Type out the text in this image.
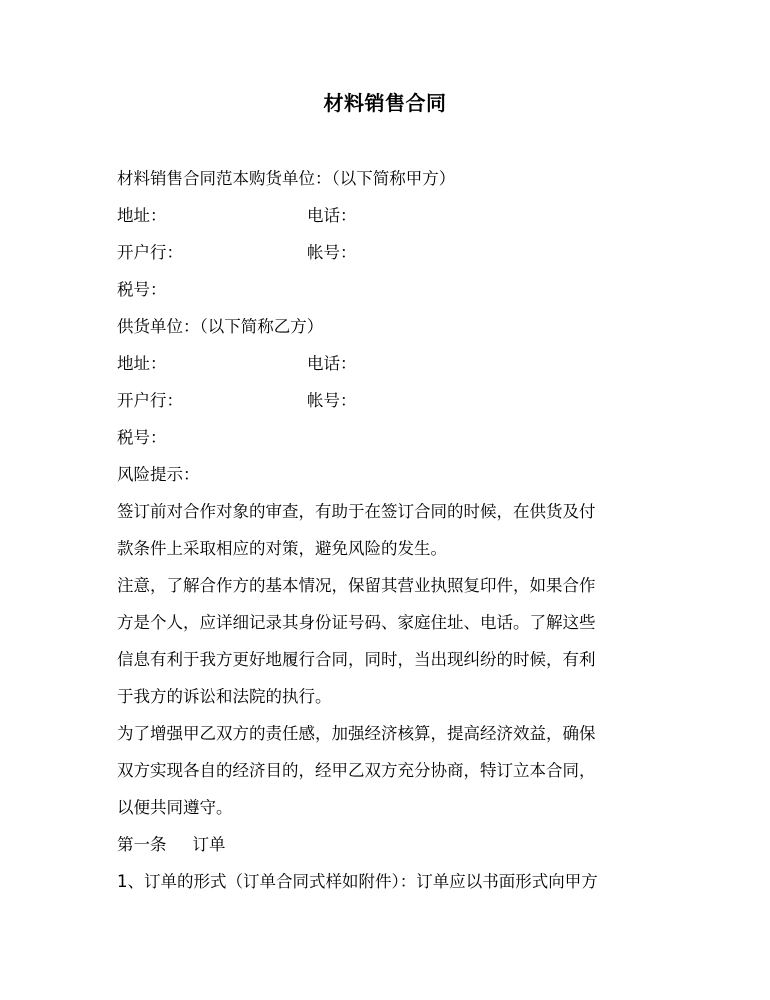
材料销售合同
材料销售合同范本购货单位：（以下简称甲方）
地址：	电话：
开户行：	帐号：
税号：
供货单位：（以下简称乙方）
地址：	电话：
开户行：	帐号：
税号：
风险提示：
签订前对合作对象的审查，有助于在签订合同的时候，在供货及付
款条件上采取相应的对策，避免风险的发生。
注意，了解合作方的基本情况，保留其营业执照复印件，如果合作
方是个人，应详细记录其身份证号码、家庭住址、电话。了解这些
信息有利于我方更好地履行合同，同时，当出现纠纷的时候，有利
于我方的诉讼和法院的执行。
为了增强甲乙双方的责任感，加强经济核算，提高经济效益，确保
双方实现各自的经济目的，经甲乙双方充分协商，特订立本合同，
以便共同遵守。
第一条 订单
1、订单的形式（订单合同式样如附件）：订单应以书面形式向甲方
